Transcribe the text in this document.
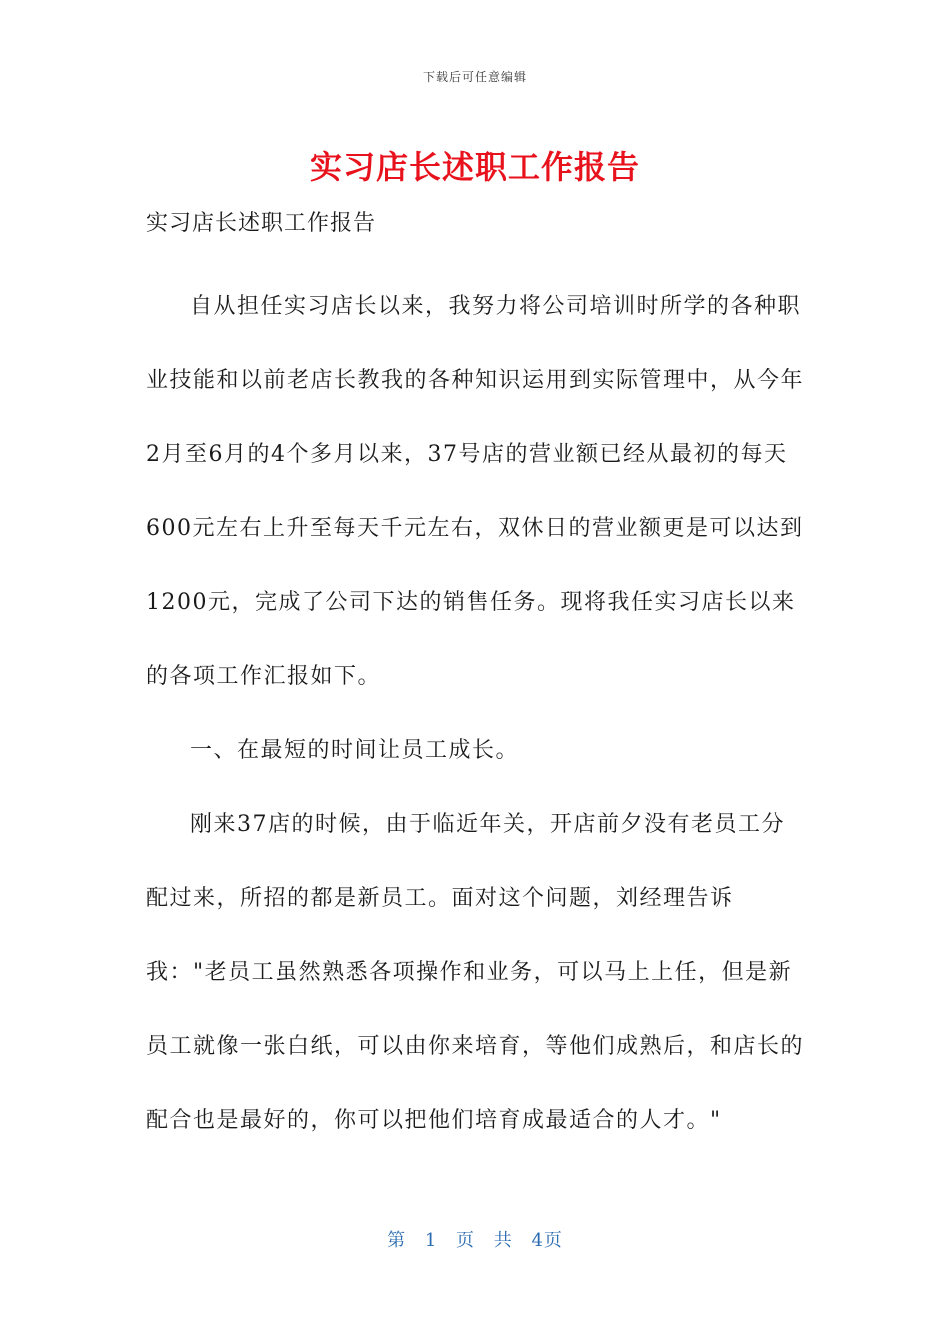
下载后可任意编辑
实习店长述职工作报告
实习店长述职工作报告

自从担任实习店长以来，我努力将公司培训时所学的各种职业技能和以前老店长教我的各种知识运用到实际管理中，从今年2月至6月的4个多月以来，37号店的营业额已经从最初的每天600元左右上升至每天千元左右，双休日的营业额更是可以达到1200元，完成了公司下达的销售任务。现将我任实习店长以来的各项工作汇报如下。

一、在最短的时间让员工成长。

刚来37店的时候，由于临近年关，开店前夕没有老员工分配过来，所招的都是新员工。面对这个问题，刘经理告诉我："老员工虽然熟悉各项操作和业务，可以马上上任，但是新员工就像一张白纸，可以由你来培育，等他们成熟后，和店长的配合也是最好的，你可以把他们培育成最适合的人才。"

第 1 页 共 4页
